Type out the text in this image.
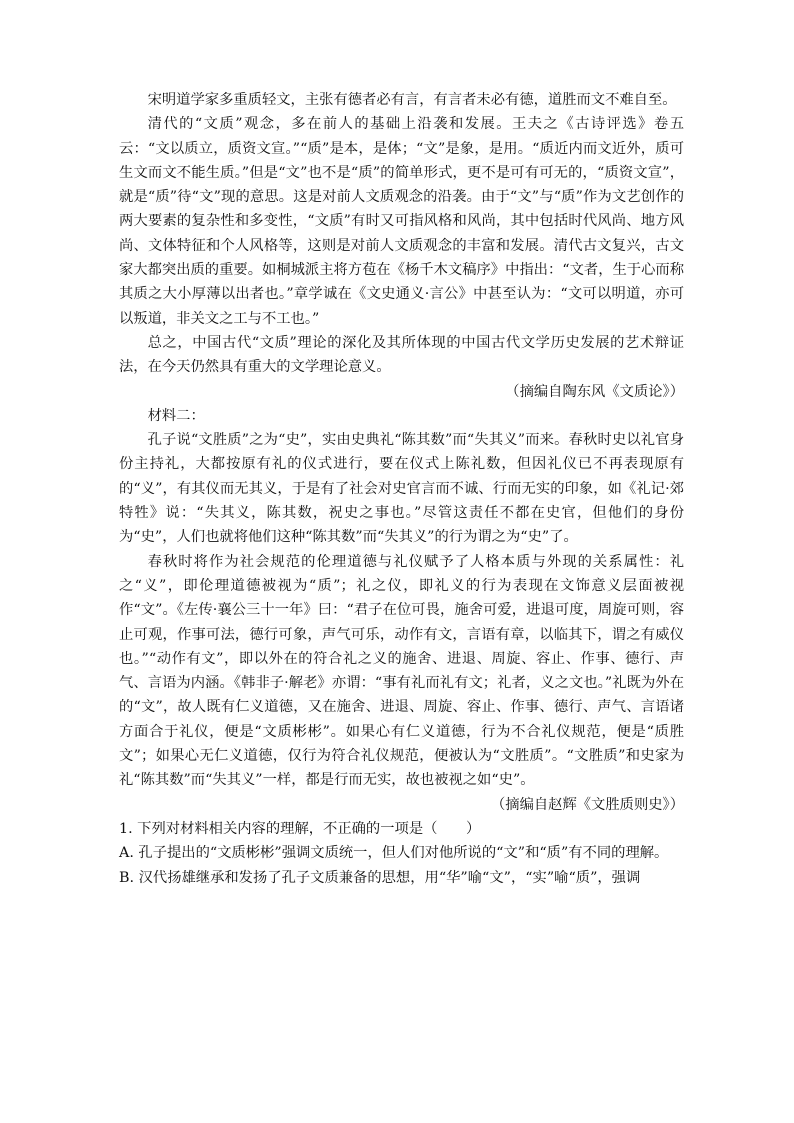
宋明道学家多重质轻文，主张有德者必有言，有言者未必有德，道胜而文不难自至。

清代的“文质”观念，多在前人的基础上沿袭和发展。王夫之《古诗评选》卷五云：“文以质立，质资文宣。”“质”是本，是体；“文”是象，是用。“质近内而文近外，质可生文而文不能生质。”但是“文”也不是“质”的简单形式，更不是可有可无的，“质资文宣”，就是“质”待“文”现的意思。这是对前人文质观念的沿袭。由于“文”与“质”作为文艺创作的两大要素的复杂性和多变性，“文质”有时又可指风格和风尚，其中包括时代风尚、地方风尚、文体特征和个人风格等，这则是对前人文质观念的丰富和发展。清代古文复兴，古文家大都突出质的重要。如桐城派主将方苞在《杨千木文稿序》中指出：“文者，生于心而称其质之大小厚薄以出者也。”章学诚在《文史通义·言公》中甚至认为：“文可以明道，亦可以叛道，非关文之工与不工也。”

总之，中国古代“文质”理论的深化及其所体现的中国古代文学历史发展的艺术辩证法，在今天仍然具有重大的文学理论意义。

（摘编自陶东风《文质论》）

材料二：

孔子说“文胜质”之为“史”，实由史典礼“陈其数”而“失其义”而来。春秋时史以礼官身份主持礼，大都按原有礼的仪式进行，要在仪式上陈礼数，但因礼仪已不再表现原有的“义”，有其仪而无其义，于是有了社会对史官言而不诚、行而无实的印象，如《礼记·郊特牲》说：“失其义，陈其数，祝史之事也。”尽管这责任不都在史官，但他们的身份为“史”，人们也就将他们这种“陈其数”而“失其义”的行为谓之为“史”了。

春秋时将作为社会规范的伦理道德与礼仪赋予了人格本质与外现的关系属性：礼之“义”，即伦理道德被视为“质”；礼之仪，即礼义的行为表现在文饰意义层面被视作“文”。《左传·襄公三十一年》曰：“君子在位可畏，施舍可爱，进退可度，周旋可则，容止可观，作事可法，德行可象，声气可乐，动作有文，言语有章，以临其下，谓之有威仪也。”“动作有文”，即以外在的符合礼之义的施舍、进退、周旋、容止、作事、德行、声气、言语为内涵。《韩非子·解老》亦谓：“事有礼而礼有文；礼者，义之文也。”礼既为外在的“文”，故人既有仁义道德，又在施舍、进退、周旋、容止、作事、德行、声气、言语诸方面合于礼仪，便是“文质彬彬”。如果心有仁义道德，行为不合礼仪规范，便是“质胜文”；如果心无仁义道德，仅行为符合礼仪规范，便被认为“文胜质”。“文胜质”和史家为礼“陈其数”而“失其义”一样，都是行而无实，故也被视之如“史”。

（摘编自赵辉《文胜质则史》）

1. 下列对材料相关内容的理解，不正确的一项是（　　）

A. 孔子提出的“文质彬彬”强调文质统一，但人们对他所说的“文”和“质”有不同的理解。

B. 汉代扬雄继承和发扬了孔子文质兼备的思想，用“华”喻“文”，“实”喻“质”，强调
